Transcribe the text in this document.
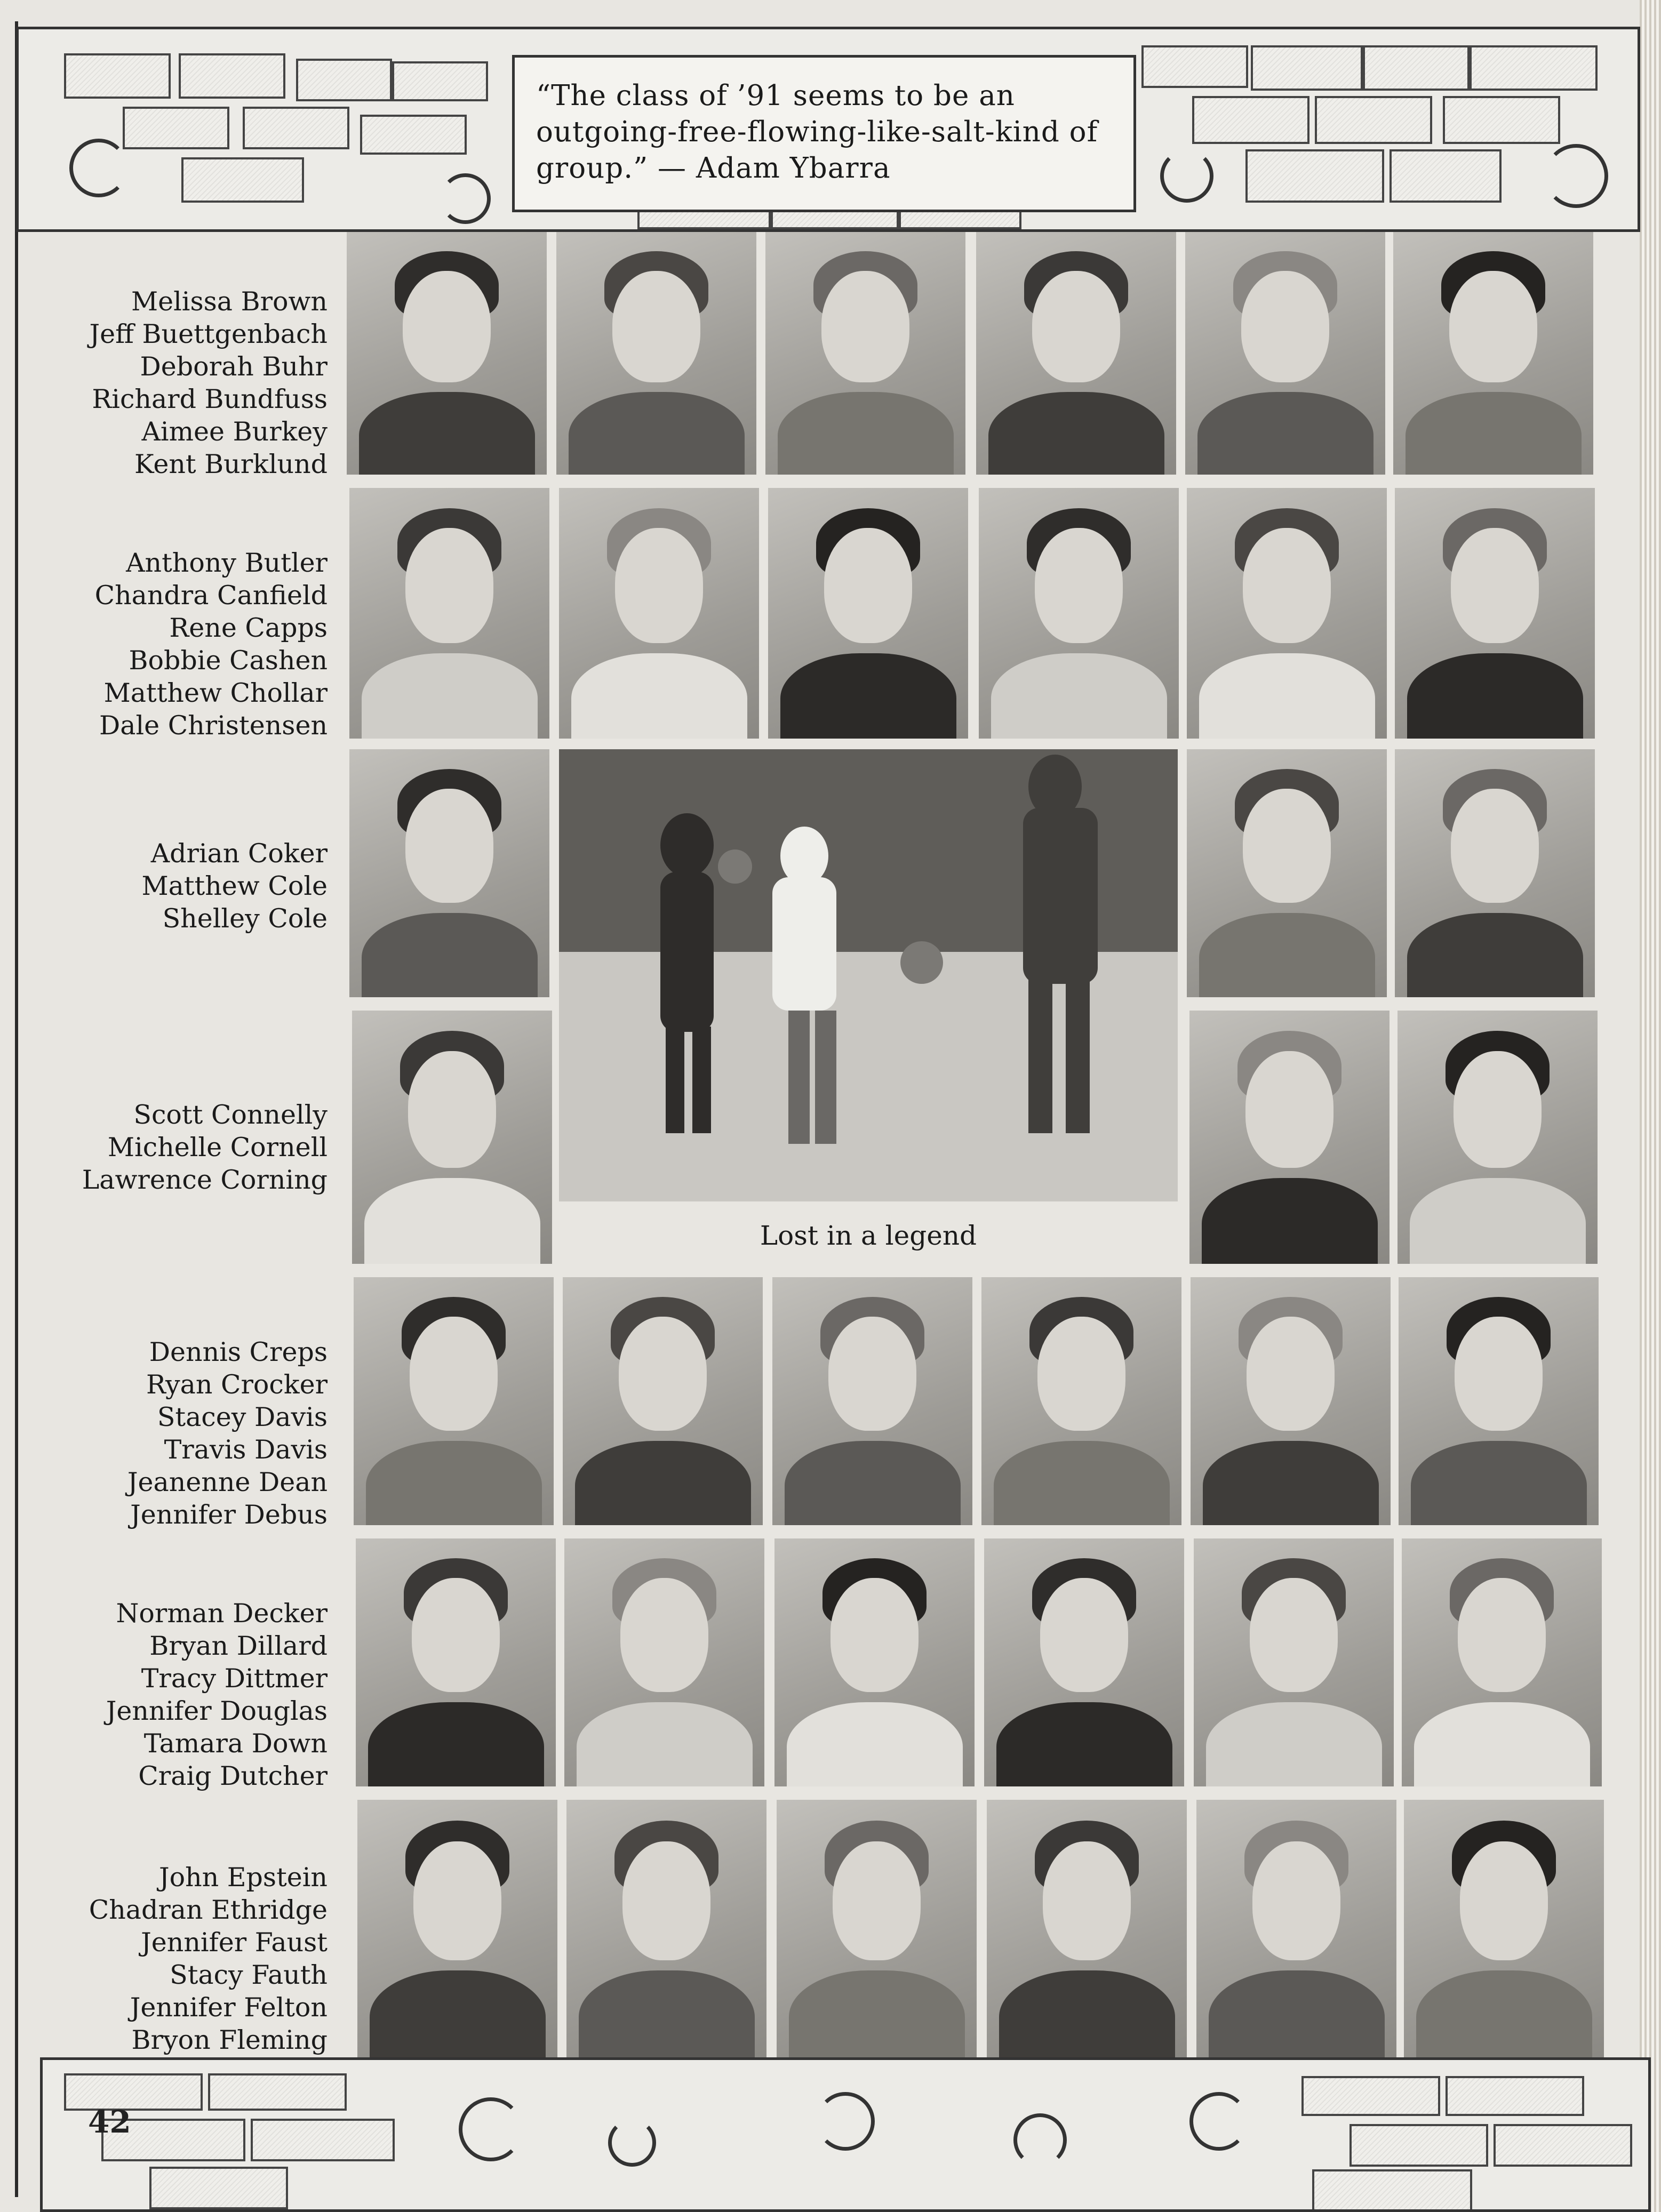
“The class of ’91 seems to be an outgoing-free-flowing-like-salt-kind of group.” — Adam Ybarra
Melissa Brown
Jeff Buettgenbach
Deborah Buhr
Richard Bundfuss
Aimee Burkey
Kent Burklund
Anthony Butler
Chandra Canfield
Rene Capps
Bobbie Cashen
Matthew Chollar
Dale Christensen
Adrian Coker
Matthew Cole
Shelley Cole
Scott Connelly
Michelle Cornell
Lawrence Corning
Dennis Creps
Ryan Crocker
Stacey Davis
Travis Davis
Jeanenne Dean
Jennifer Debus
Norman Decker
Bryan Dillard
Tracy Dittmer
Jennifer Douglas
Tamara Down
Craig Dutcher
John Epstein
Chadran Ethridge
Jennifer Faust
Stacy Fauth
Jennifer Felton
Bryon Fleming
Lost in a legend
42
